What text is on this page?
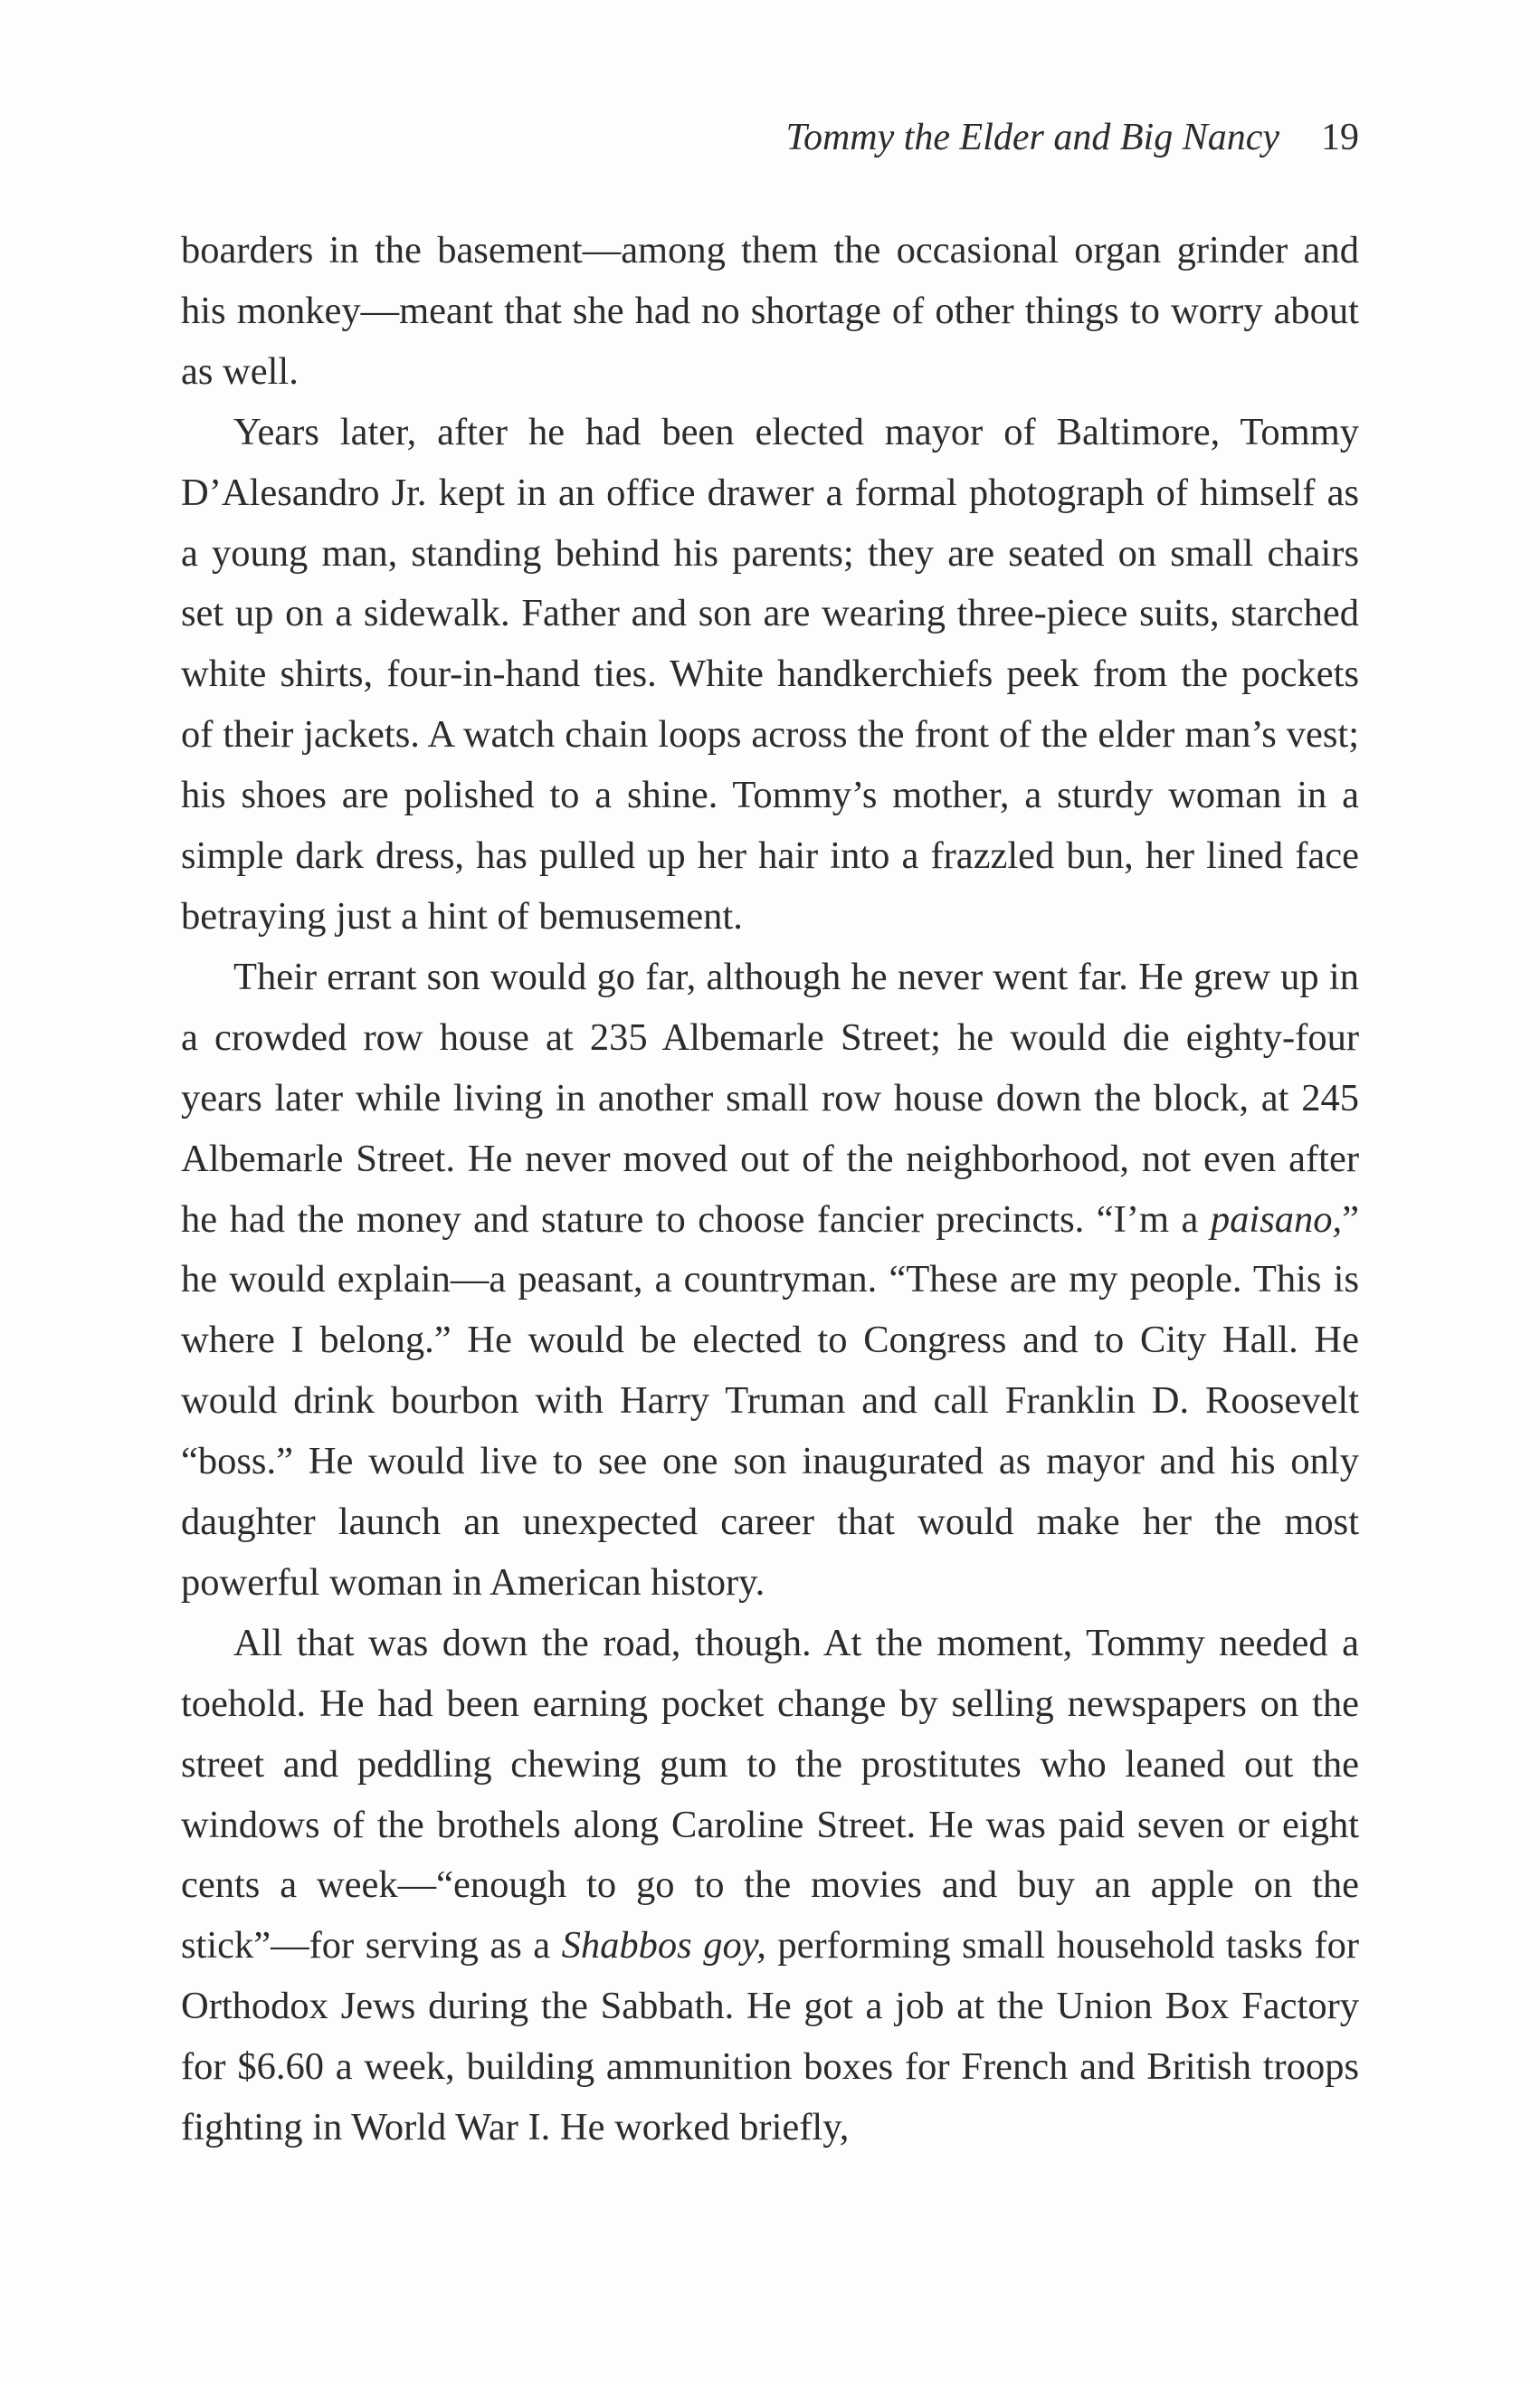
Tommy the Elder and Big Nancy 19

boarders in the basement—among them the occasional organ grinder and his monkey—meant that she had no shortage of other things to worry about as well.

Years later, after he had been elected mayor of Baltimore, Tommy D’Alesandro Jr. kept in an office drawer a formal photograph of himself as a young man, standing behind his parents; they are seated on small chairs set up on a sidewalk. Father and son are wearing three-piece suits, starched white shirts, four-in-hand ties. White handkerchiefs peek from the pockets of their jackets. A watch chain loops across the front of the elder man’s vest; his shoes are polished to a shine. Tommy’s mother, a sturdy woman in a simple dark dress, has pulled up her hair into a frazzled bun, her lined face betraying just a hint of bemusement.

Their errant son would go far, although he never went far. He grew up in a crowded row house at 235 Albemarle Street; he would die eighty-four years later while living in another small row house down the block, at 245 Albemarle Street. He never moved out of the neighborhood, not even after he had the money and stature to choose fancier precincts. “I’m a paisano,” he would explain—a peasant, a countryman. “These are my people. This is where I belong.” He would be elected to Congress and to City Hall. He would drink bourbon with Harry Truman and call Franklin D. Roosevelt “boss.” He would live to see one son inaugurated as mayor and his only daughter launch an unexpected career that would make her the most powerful woman in American history.

All that was down the road, though. At the moment, Tommy needed a toehold. He had been earning pocket change by selling newspapers on the street and peddling chewing gum to the prostitutes who leaned out the windows of the brothels along Caroline Street. He was paid seven or eight cents a week—“enough to go to the movies and buy an apple on the stick”—for serving as a Shabbos goy, performing small household tasks for Orthodox Jews during the Sabbath. He got a job at the Union Box Factory for $6.60 a week, building ammunition boxes for French and British troops fighting in World War I. He worked briefly,
